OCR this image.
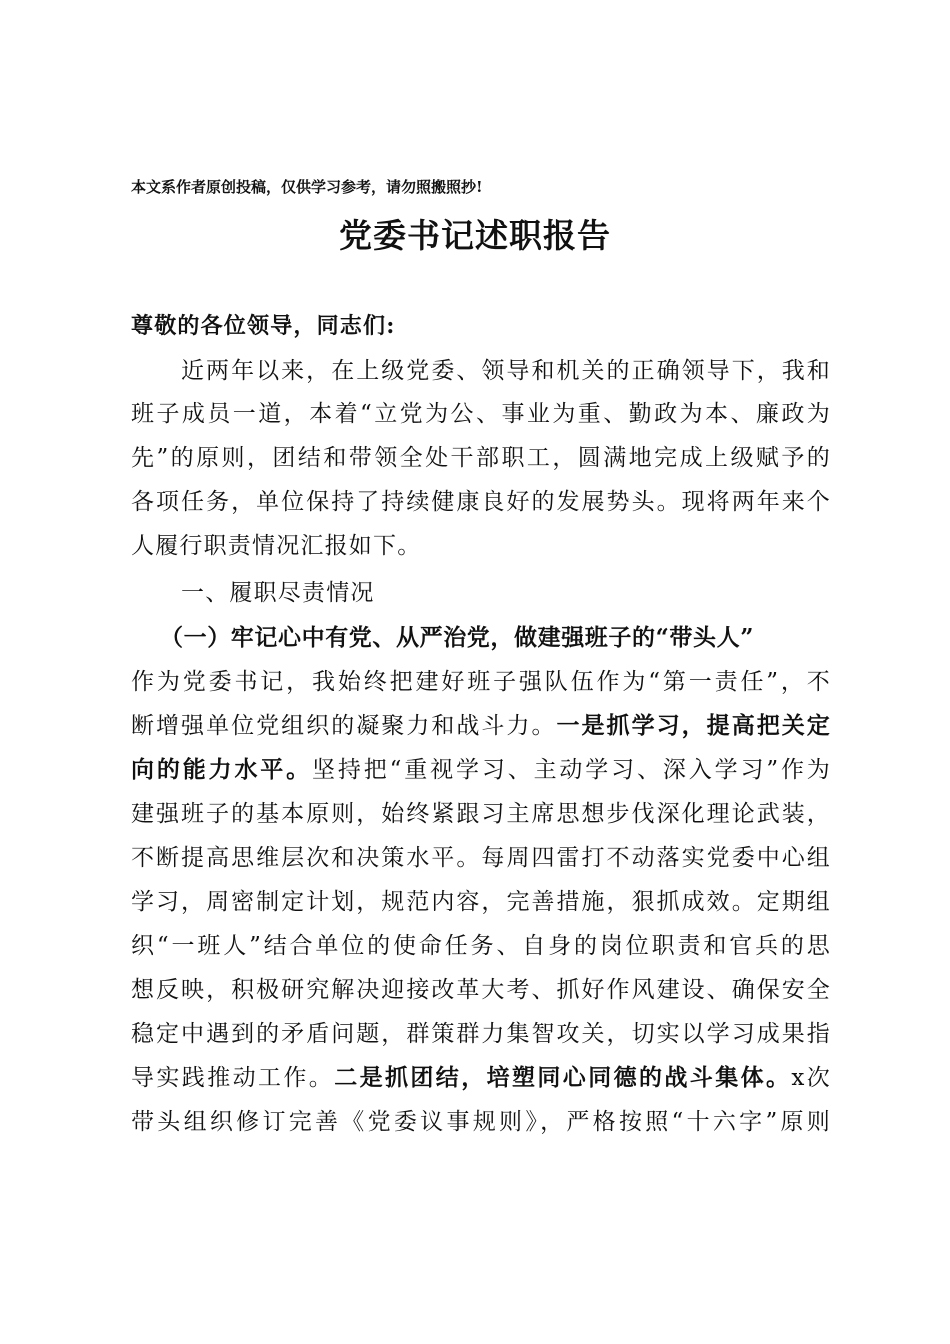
本文系作者原创投稿，仅供学习参考，请勿照搬照抄!
党委书记述职报告
尊敬的各位领导，同志们:
近两年以来，在上级党委、领导和机关的正确领导下，我和
班子成员一道，本着“立党为公、事业为重、勤政为本、廉政为
先”的原则，团结和带领全处干部职工，圆满地完成上级赋予的
各项任务，单位保持了持续健康良好的发展势头。现将两年来个
人履行职责情况汇报如下。
一、履职尽责情况
（一）牢记心中有党、从严治党，做建强班子的“带头人”
作为党委书记，我始终把建好班子强队伍作为“第一责任”，不
断增强单位党组织的凝聚力和战斗力。一是抓学习，提高把关定
向的能力水平。坚持把“重视学习、主动学习、深入学习”作为
建强班子的基本原则，始终紧跟习主席思想步伐深化理论武装，
不断提高思维层次和决策水平。每周四雷打不动落实党委中心组
学习，周密制定计划，规范内容，完善措施，狠抓成效。定期组
织“一班人”结合单位的使命任务、自身的岗位职责和官兵的思
想反映，积极研究解决迎接改革大考、抓好作风建设、确保安全
稳定中遇到的矛盾问题，群策群力集智攻关，切实以学习成果指
导实践推动工作。二是抓团结，培塑同心同德的战斗集体。x次
带头组织修订完善《党委议事规则》，严格按照“十六字”原则
